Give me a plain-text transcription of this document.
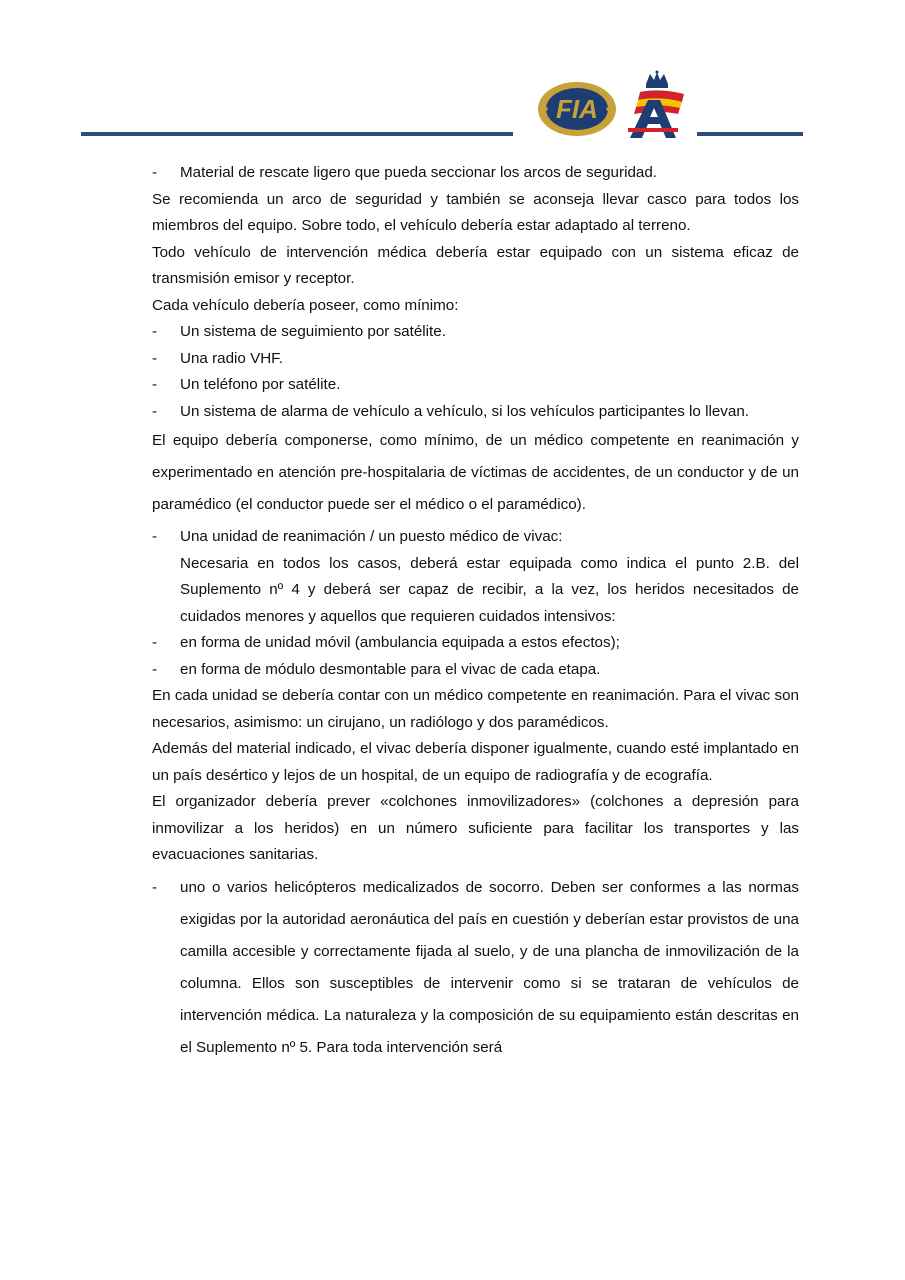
FIA

- Material de rescate ligero que pueda seccionar los arcos de seguridad.

Se recomienda un arco de seguridad y también se aconseja llevar casco para todos los miembros del equipo. Sobre todo, el vehículo debería estar adaptado al terreno.

Todo vehículo de intervención médica debería estar equipado con un sistema eficaz de transmisión emisor y receptor.

Cada vehículo debería poseer, como mínimo:

- Un sistema de seguimiento por satélite.

- Una radio VHF.

- Un teléfono por satélite.

- Un sistema de alarma de vehículo a vehículo, si los vehículos participantes lo llevan.

El equipo debería componerse, como mínimo, de un médico competente en reanimación y experimentado en atención pre-hospitalaria de víctimas de accidentes, de un conductor y de un paramédico (el conductor puede ser el médico o el paramédico).

- Una unidad de reanimación / un puesto médico de vivac:

Necesaria en todos los casos, deberá estar equipada como indica el punto 2.B. del Suplemento nº 4 y deberá ser capaz de recibir, a la vez, los heridos necesitados de cuidados menores y aquellos que requieren cuidados intensivos:

- en forma de unidad móvil (ambulancia equipada a estos efectos);

- en forma de módulo desmontable para el vivac de cada etapa.

En cada unidad se debería contar con un médico competente en reanimación. Para el vivac son necesarios, asimismo: un cirujano, un radiólogo y dos paramédicos.

Además del material indicado, el vivac debería disponer igualmente, cuando esté implantado en un país desértico y lejos de un hospital, de un equipo de radiografía y de ecografía.

El organizador debería prever «colchones inmovilizadores» (colchones a depresión para inmovilizar a los heridos) en un número suficiente para facilitar los transportes y las evacuaciones sanitarias.

- uno o varios helicópteros medicalizados de socorro. Deben ser conformes a las normas exigidas por la autoridad aeronáutica del país en cuestión y deberían estar provistos de una camilla accesible y correctamente fijada al suelo, y de una plancha de inmovilización de la columna. Ellos son susceptibles de intervenir como si se trataran de vehículos de intervención médica. La naturaleza y la composición de su equipamiento están descritas en el Suplemento nº 5. Para toda intervención será
